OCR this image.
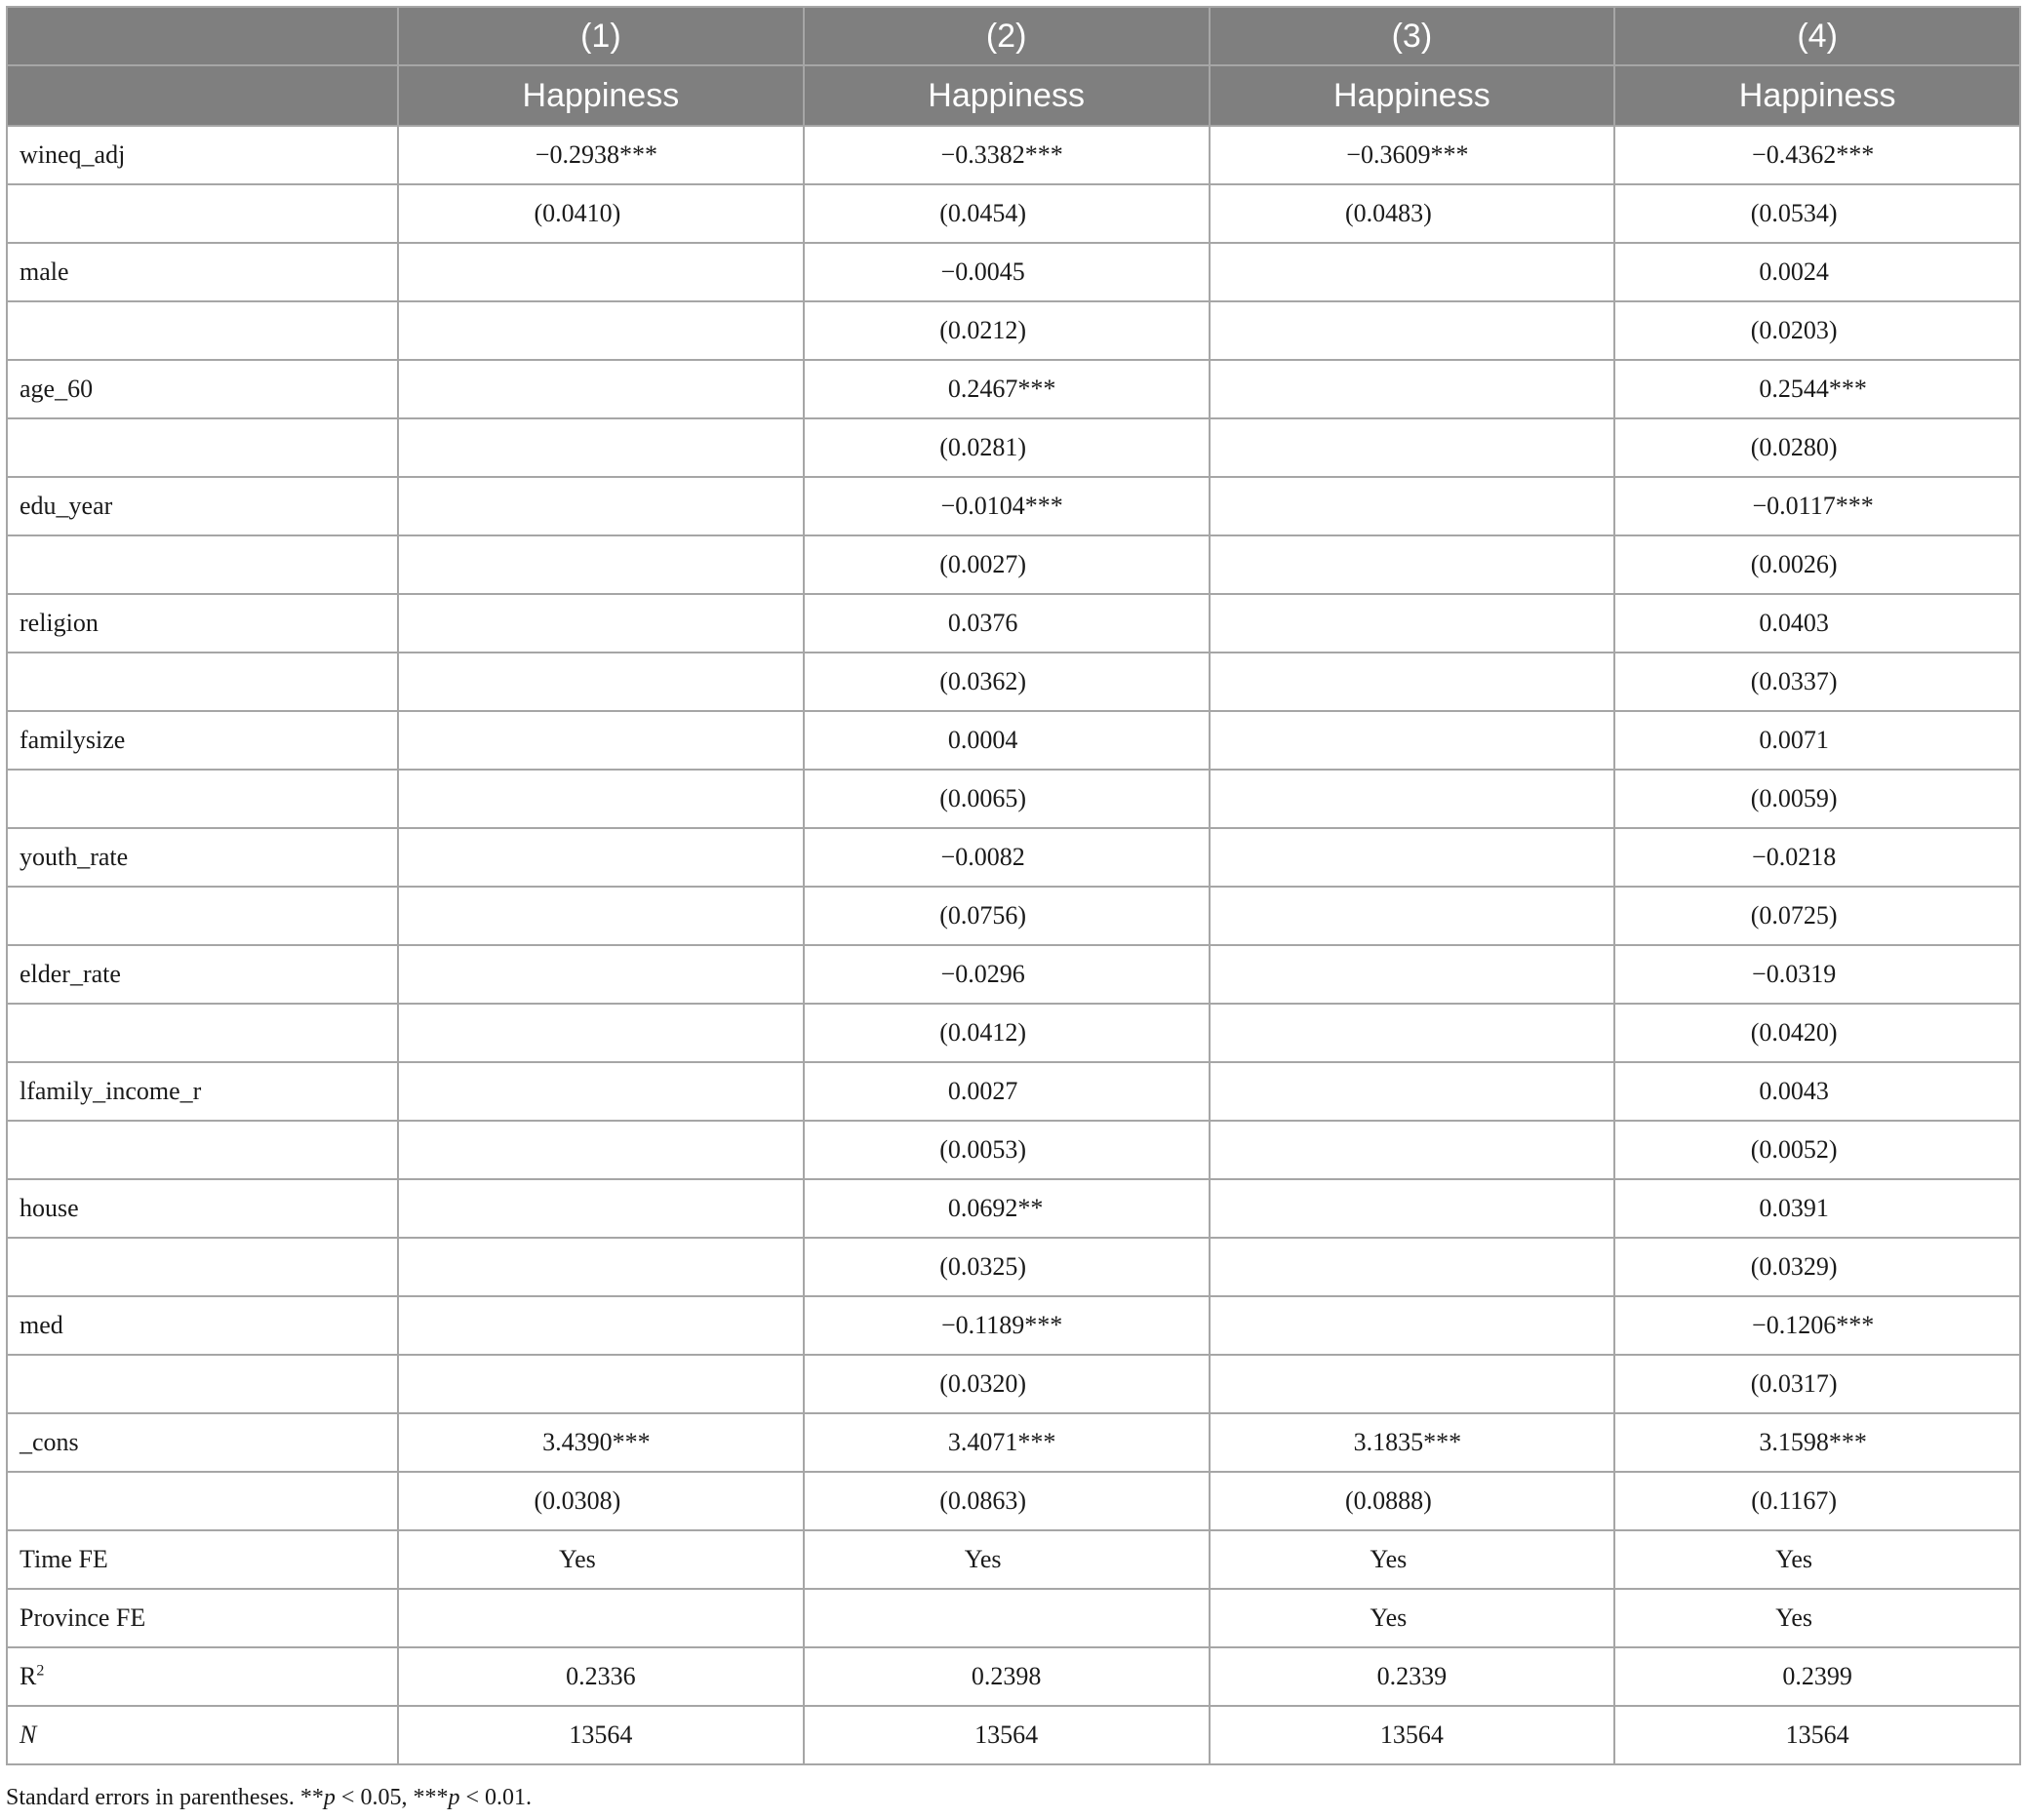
	(1)	(2)	(3)	(4)
	Happiness	Happiness	Happiness	Happiness
wineq_adj	−0.2938***	−0.3382***	−0.3609***	−0.4362***
	(0.0410)	(0.0454)	(0.0483)	(0.0534)
male		−0.0045		0.0024
		(0.0212)		(0.0203)
age_60		0.2467***		0.2544***
		(0.0281)		(0.0280)
edu_year		−0.0104***		−0.0117***
		(0.0027)		(0.0026)
religion		0.0376		0.0403
		(0.0362)		(0.0337)
familysize		0.0004		0.0071
		(0.0065)		(0.0059)
youth_rate		−0.0082		−0.0218
		(0.0756)		(0.0725)
elder_rate		−0.0296		−0.0319
		(0.0412)		(0.0420)
lfamily_income_r		0.0027		0.0043
		(0.0053)		(0.0052)
house		0.0692**		0.0391
		(0.0325)		(0.0329)
med		−0.1189***		−0.1206***
		(0.0320)		(0.0317)
_cons	3.4390***	3.4071***	3.1835***	3.1598***
	(0.0308)	(0.0863)	(0.0888)	(0.1167)
Time FE	Yes	Yes	Yes	Yes
Province FE			Yes	Yes
$R^2$	0.2336	0.2398	0.2339	0.2399
N	13564	13564	13564	13564
Standard errors in parentheses. **p < 0.05, ***p < 0.01.
